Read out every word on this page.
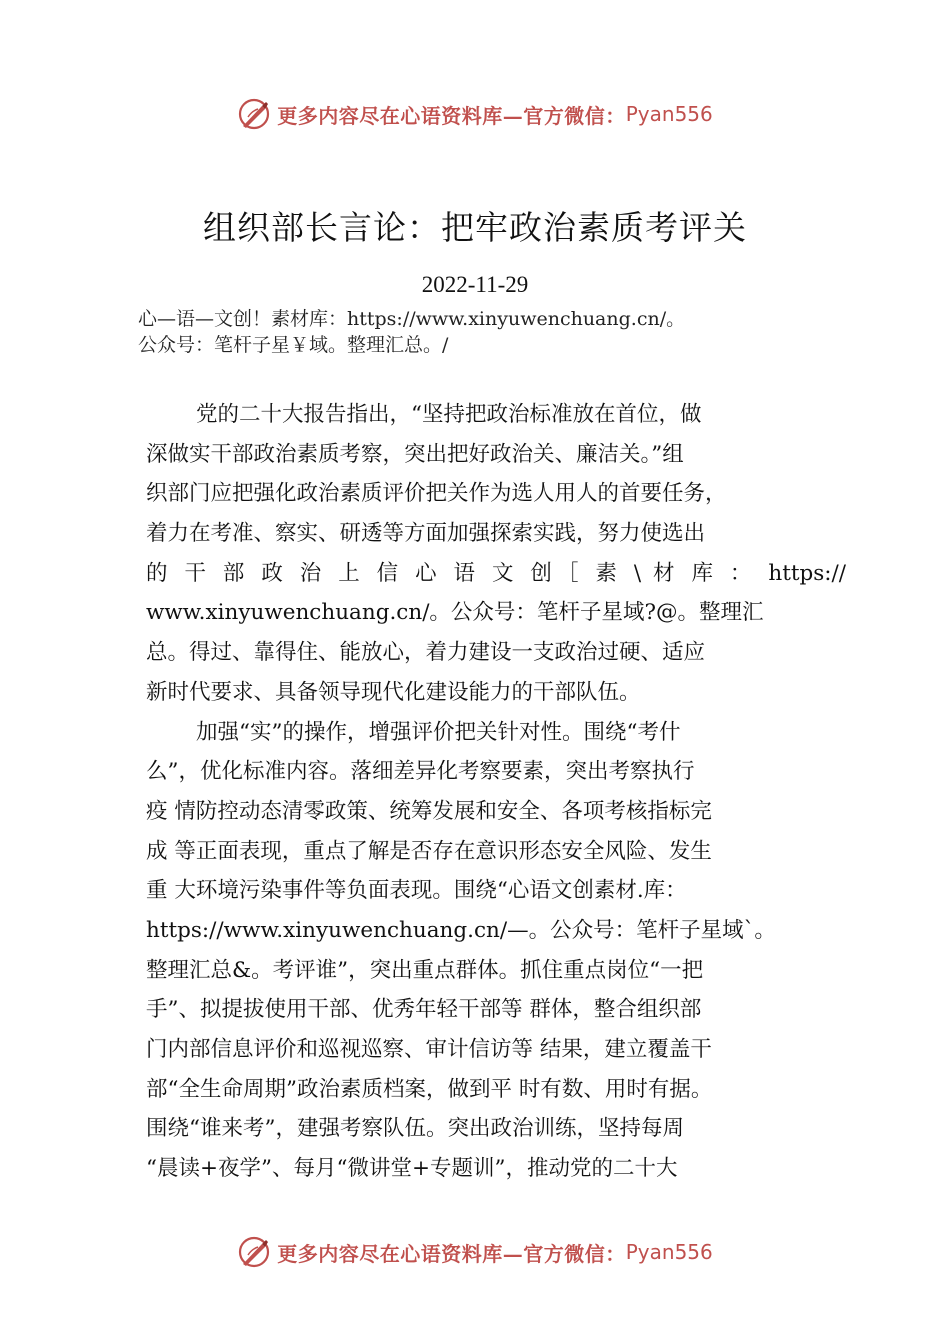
更多内容尽在心语资料库—官方微信： Pyan556
组织部长言论：把牢政治素质考评关
2022-11-29
心—语—文创！素材库：https://www.xinyuwenchuang.cn/。
公众号：笔杆子星￥域。整理汇总。/
党的二十大报告指出，“坚持把政治标准放在首位，做
深做实干部政治素质考察，突出把好政治关、廉洁关。”组
织部门应把强化政治素质评价把关作为选人用人的首要任务，
着力在考准、察实、研透等方面加强探索实践，努力使选出
的 干 部 政 治 上 信 心 语 文 创［ 素 \ 材 库 ： https://
www.xinyuwenchuang.cn/。公众号：笔杆子星域?@。整理汇
总。得过、靠得住、能放心，着力建设一支政治过硬、适应
新时代要求、具备领导现代化建设能力的干部队伍。
加强“实”的操作，增强评价把关针对性。围绕“考什
么”，优化标准内容。落细差异化考察要素，突出考察执行
疫 情防控动态清零政策、统筹发展和安全、各项考核指标完
成 等正面表现，重点了解是否存在意识形态安全风险、发生
重 大环境污染事件等负面表现。围绕“心语文创素材.库：
https://www.xinyuwenchuang.cn/—。公众号：笔杆子星域`。
整理汇总&。考评谁”，突出重点群体。抓住重点岗位“一把
手”、拟提拔使用干部、优秀年轻干部等 群体，整合组织部
门内部信息评价和巡视巡察、审计信访等 结果，建立覆盖干
部“全生命周期”政治素质档案，做到平 时有数、用时有据。
围绕“谁来考”，建强考察队伍。突出政治训练，坚持每周
“晨读+夜学”、每月“微讲堂+专题训”，推动党的二十大
更多内容尽在心语资料库—官方微信： Pyan556
